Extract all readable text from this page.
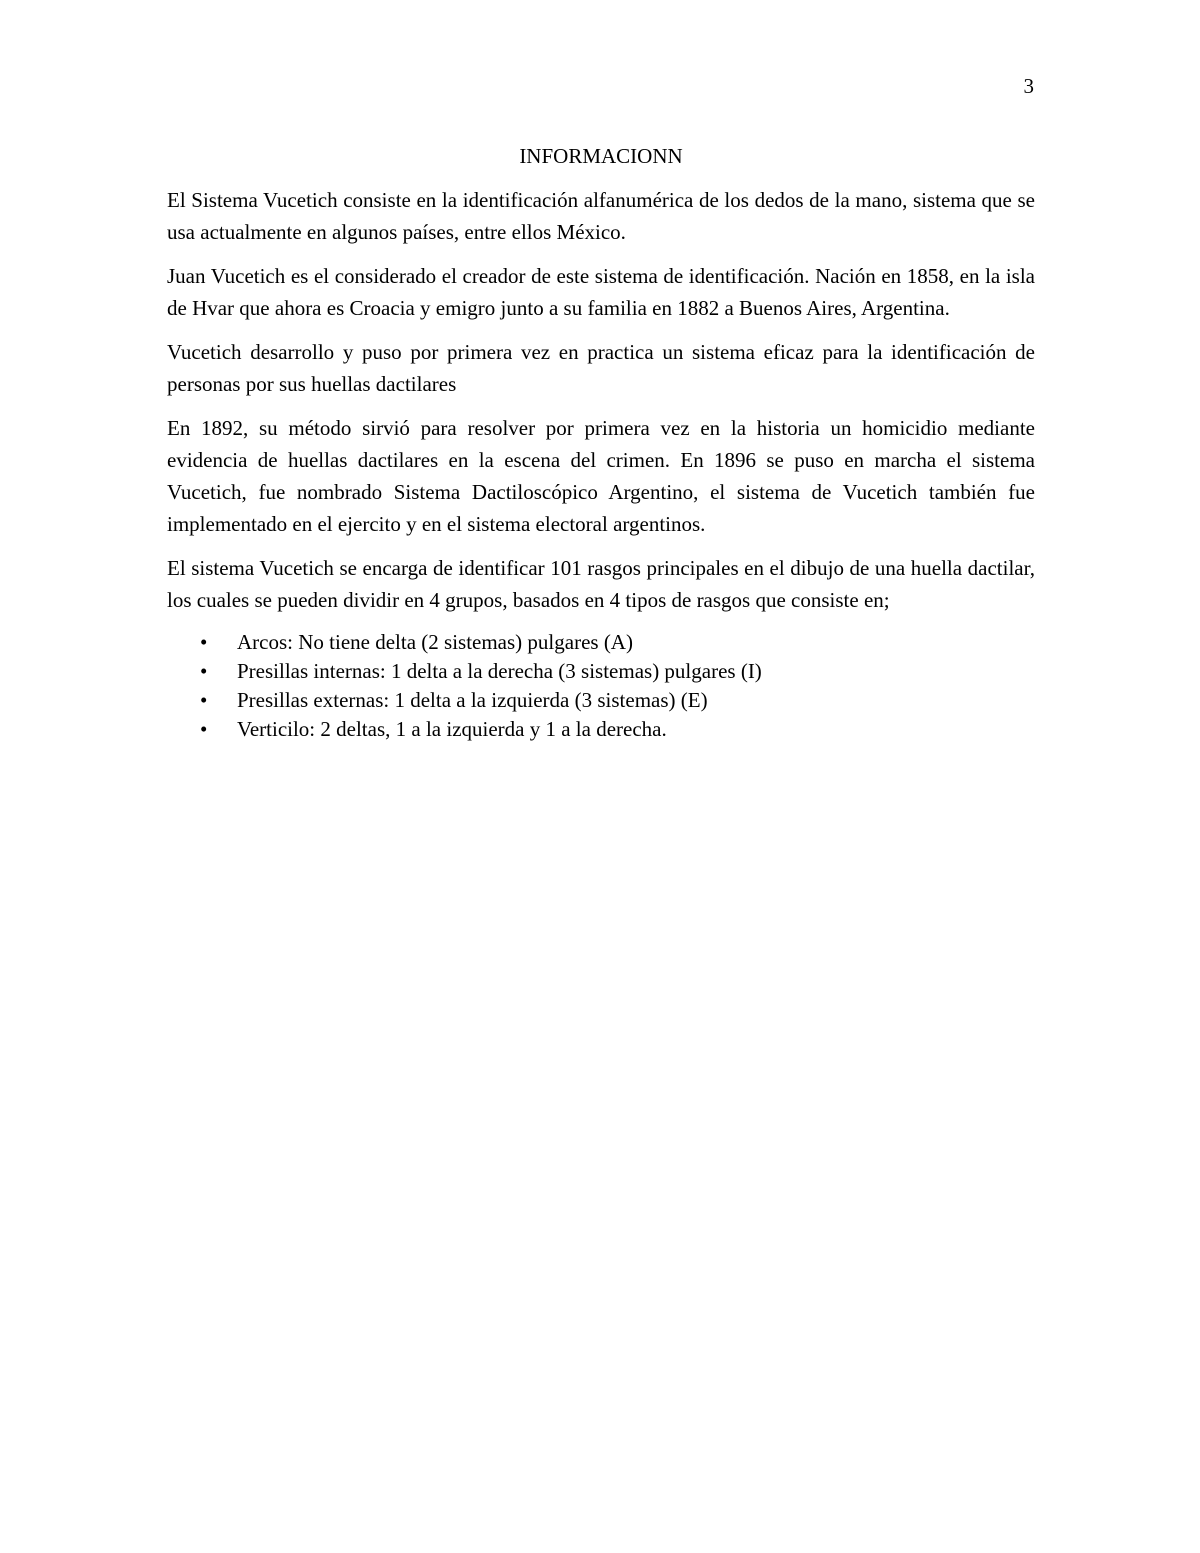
3
INFORMACIONN

El Sistema Vucetich consiste en la identificación alfanumérica de los dedos de la mano, sistema que se usa actualmente en algunos países, entre ellos México.

Juan Vucetich es el considerado el creador de este sistema de identificación. Nación en 1858, en la isla de Hvar que ahora es Croacia y emigro junto a su familia en 1882 a Buenos Aires, Argentina.

Vucetich desarrollo y puso por primera vez en practica un sistema eficaz para la identificación de personas por sus huellas dactilares

En 1892, su método sirvió para resolver por primera vez en la historia un homicidio mediante evidencia de huellas dactilares en la escena del crimen. En 1896 se puso en marcha el sistema Vucetich, fue nombrado Sistema Dactiloscópico Argentino, el sistema de Vucetich también fue implementado en el ejercito y en el sistema electoral argentinos.

El sistema Vucetich se encarga de identificar 101 rasgos principales en el dibujo de una huella dactilar, los cuales se pueden dividir en 4 grupos, basados en 4 tipos de rasgos que consiste en;

• Arcos: No tiene delta (2 sistemas) pulgares (A)
• Presillas internas: 1 delta a la derecha (3 sistemas) pulgares (I)
• Presillas externas: 1 delta a la izquierda (3 sistemas) (E)
• Verticilo: 2 deltas, 1 a la izquierda y 1 a la derecha.
